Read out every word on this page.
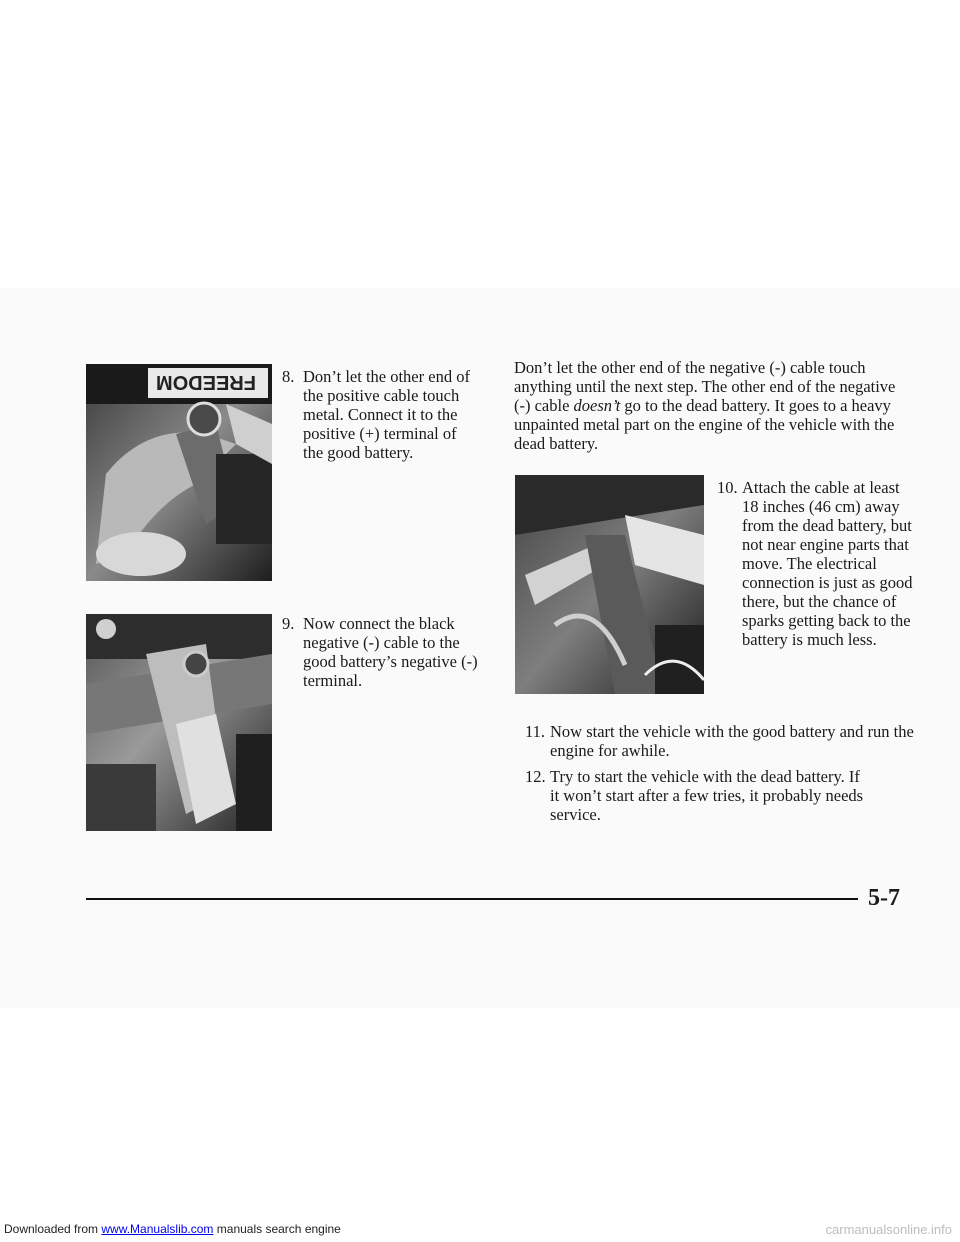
FREEDOM 8. Don’t let the other end of the positive cable touch metal. Connect it to the positive (+) terminal of the good battery.
9. Now connect the black negative (-) cable to the good battery’s negative (-) terminal.
Don’t let the other end of the negative (-) cable touch anything until the next step. The other end of the negative (-) cable doesn’t go to the dead battery. It goes to a heavy unpainted metal part on the engine of the vehicle with the dead battery.
10. Attach the cable at least 18 inches (46 cm) away from the dead battery, but not near engine parts that move. The electrical connection is just as good there, but the chance of sparks getting back to the battery is much less.
11. Now start the vehicle with the good battery and run the engine for awhile.
12. Try to start the vehicle with the dead battery. If it won’t start after a few tries, it probably needs service.
5-7
Downloaded from www.Manualslib.com manuals search engine	carmanualsonline.info
